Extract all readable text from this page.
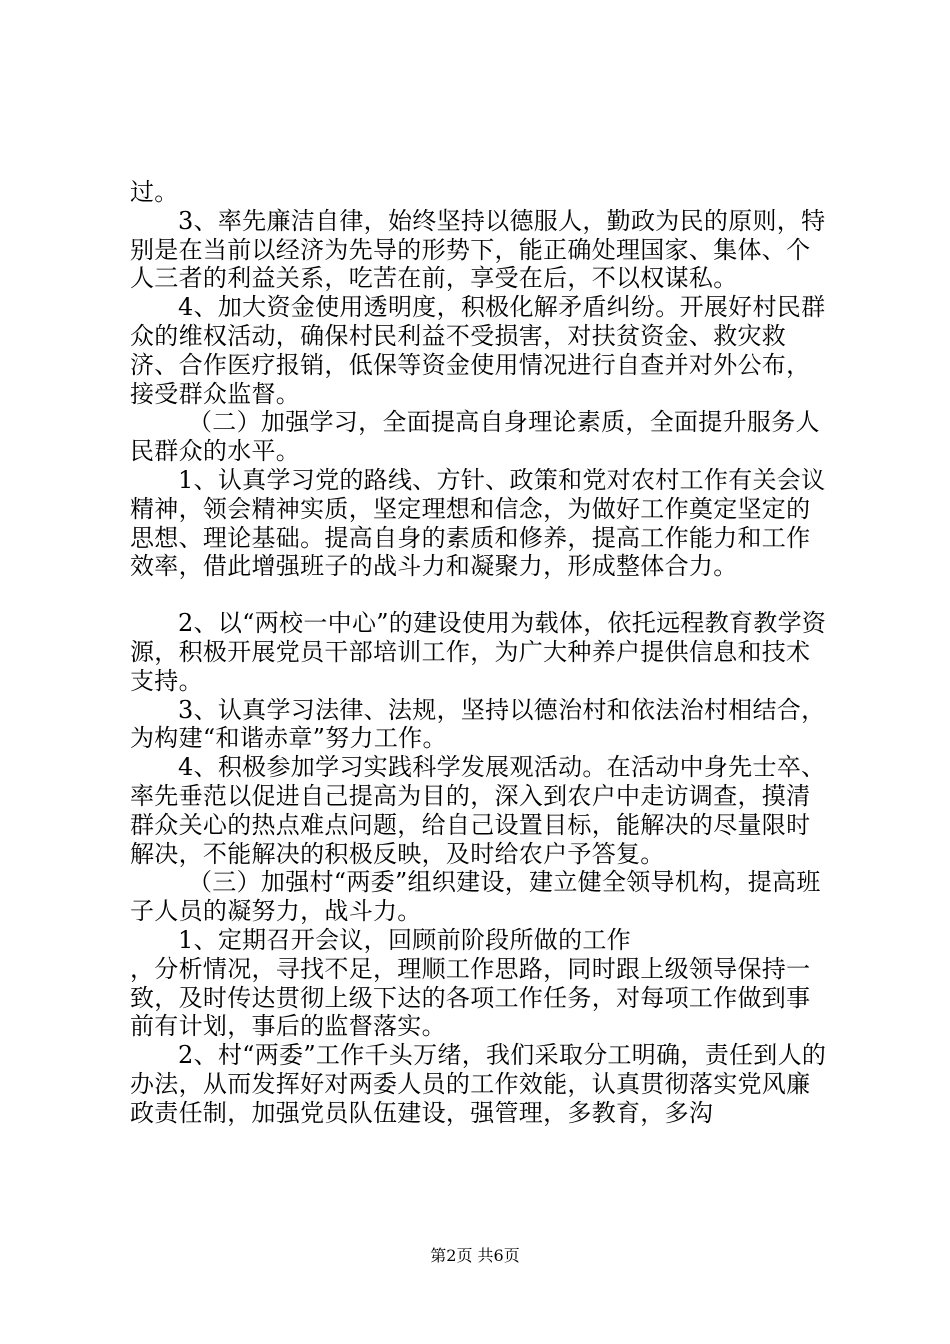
过。

3、率先廉洁自律，始终坚持以德服人，勤政为民的原则，特别是在当前以经济为先导的形势下，能正确处理国家、集体、个人三者的利益关系，吃苦在前，享受在后，不以权谋私。

4、加大资金使用透明度，积极化解矛盾纠纷。开展好村民群众的维权活动，确保村民利益不受损害，对扶贫资金、救灾救济、合作医疗报销，低保等资金使用情况进行自查并对外公布，接受群众监督。

（二）加强学习，全面提高自身理论素质，全面提升服务人民群众的水平。

1、认真学习党的路线、方针、政策和党对农村工作有关会议精神，领会精神实质，坚定理想和信念，为做好工作奠定坚定的思想、理论基础。提高自身的素质和修养，提高工作能力和工作效率，借此增强班子的战斗力和凝聚力，形成整体合力。

2、以“两校一中心”的建设使用为载体，依托远程教育教学资源，积极开展党员干部培训工作，为广大种养户提供信息和技术支持。

3、认真学习法律、法规，坚持以德治村和依法治村相结合，为构建“和谐赤章”努力工作。

4、积极参加学习实践科学发展观活动。在活动中身先士卒、率先垂范以促进自己提高为目的，深入到农户中走访调查，摸清群众关心的热点难点问题，给自己设置目标，能解决的尽量限时解决，不能解决的积极反映，及时给农户予答复。

（三）加强村“两委”组织建设，建立健全领导机构，提高班子人员的凝努力，战斗力。

1、定期召开会议，回顾前阶段所做的工作

，分析情况，寻找不足，理顺工作思路，同时跟上级领导保持一致，及时传达贯彻上级下达的各项工作任务，对每项工作做到事前有计划，事后的监督落实。

2、村“两委”工作千头万绪，我们采取分工明确，责任到人的办法，从而发挥好对两委人员的工作效能，认真贯彻落实党风廉政责任制，加强党员队伍建设，强管理，多教育，多沟

第2页 共6页
